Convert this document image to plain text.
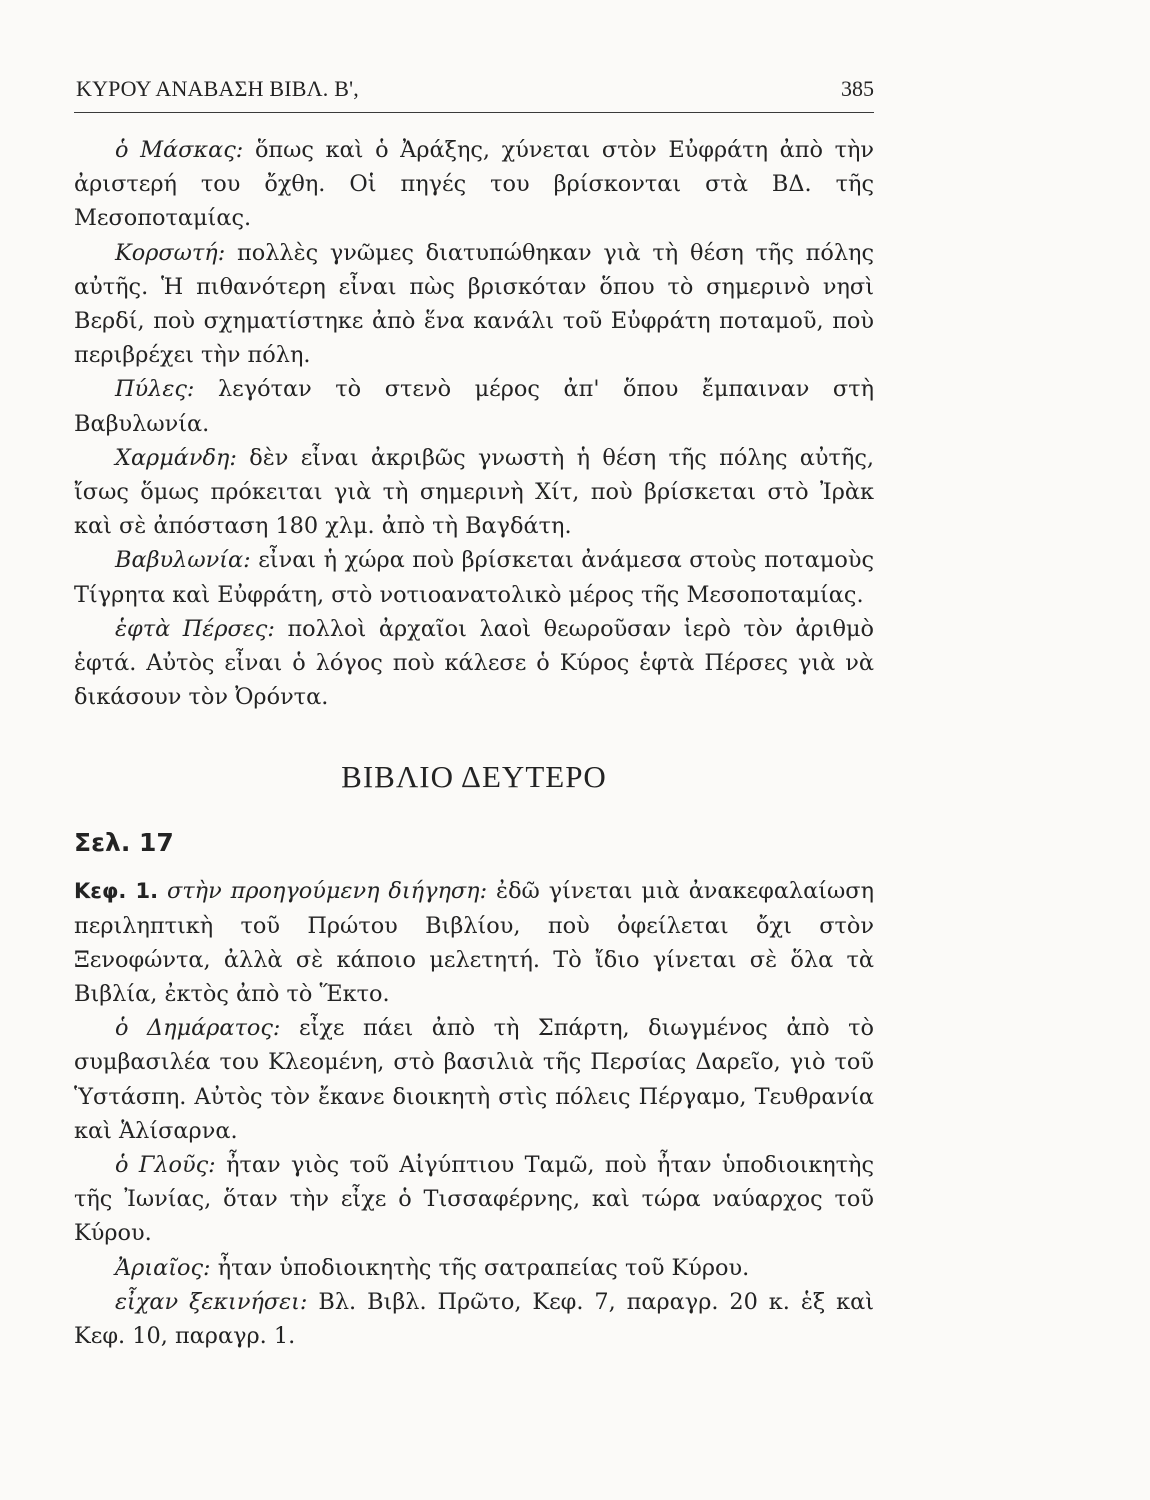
ΚΥΡΟΥ ΑΝΑΒΑΣΗ ΒΙΒΛ. Β',	385

ὁ Μάσκας: ὅπως καὶ ὁ Ἀράξης, χύνεται στὸν Εὐφράτη ἀπὸ τὴν ἀριστερή του ὄχθη. Οἱ πηγές του βρίσκονται στὰ ΒΔ. τῆς Μεσοποταμίας.

Κορσωτή: πολλὲς γνῶμες διατυπώθηκαν γιὰ τὴ θέση τῆς πόλης αὐτῆς. Ἡ πιθανότερη εἶναι πὼς βρισκόταν ὅπου τὸ σημερινὸ νησὶ Βερδί, ποὺ σχηματίστηκε ἀπὸ ἕνα κανάλι τοῦ Εὐφράτη ποταμοῦ, ποὺ περιβρέχει τὴν πόλη.

Πύλες: λεγόταν τὸ στενὸ μέρος ἀπ' ὅπου ἔμπαιναν στὴ Βαβυλωνία.

Χαρμάνδη: δὲν εἶναι ἀκριβῶς γνωστὴ ἡ θέση τῆς πόλης αὐτῆς, ἴσως ὅμως πρόκειται γιὰ τὴ σημερινὴ Χίτ, ποὺ βρίσκεται στὸ Ἰρὰκ καὶ σὲ ἀπόσταση 180 χλμ. ἀπὸ τὴ Βαγδάτη.

Βαβυλωνία: εἶναι ἡ χώρα ποὺ βρίσκεται ἀνάμεσα στοὺς ποταμοὺς Τίγρητα καὶ Εὐφράτη, στὸ νοτιοανατολικὸ μέρος τῆς Μεσοποταμίας.

ἑφτὰ Πέρσες: πολλοὶ ἀρχαῖοι λαοὶ θεωροῦσαν ἱερὸ τὸν ἀριθμὸ ἑφτά. Αὐτὸς εἶναι ὁ λόγος ποὺ κάλεσε ὁ Κύρος ἑφτὰ Πέρσες γιὰ νὰ δικάσουν τὸν Ὀρόντα.

ΒΙΒΛΙΟ ΔΕΥΤΕΡΟ
Σελ. 17

Κεφ. 1. στὴν προηγούμενη διήγηση: ἐδῶ γίνεται μιὰ ἀνακεφαλαίωση περιληπτικὴ τοῦ Πρώτου Βιβλίου, ποὺ ὀφείλεται ὄχι στὸν Ξενοφώντα, ἀλλὰ σὲ κάποιο μελετητή. Τὸ ἴδιο γίνεται σὲ ὅλα τὰ Βιβλία, ἐκτὸς ἀπὸ τὸ Ἕκτο.

ὁ Δημάρατος: εἶχε πάει ἀπὸ τὴ Σπάρτη, διωγμένος ἀπὸ τὸ συμβασιλέα του Κλεομένη, στὸ βασιλιὰ τῆς Περσίας Δαρεῖο, γιὸ τοῦ Ὑστάσπη. Αὐτὸς τὸν ἔκανε διοικητὴ στὶς πόλεις Πέργαμο, Τευθρανία καὶ Ἁλίσαρνα.

ὁ Γλοῦς: ἦταν γιὸς τοῦ Αἰγύπτιου Ταμῶ, ποὺ ἦταν ὑποδιοικητὴς τῆς Ἰωνίας, ὅταν τὴν εἶχε ὁ Τισσαφέρνης, καὶ τώρα ναύαρχος τοῦ Κύρου.

Ἀριαῖος: ἦταν ὑποδιοικητὴς τῆς σατραπείας τοῦ Κύρου.

εἶχαν ξεκινήσει: Βλ. Βιβλ. Πρῶτο, Κεφ. 7, παραγρ. 20 κ. ἑξ καὶ Κεφ. 10, παραγρ. 1.
